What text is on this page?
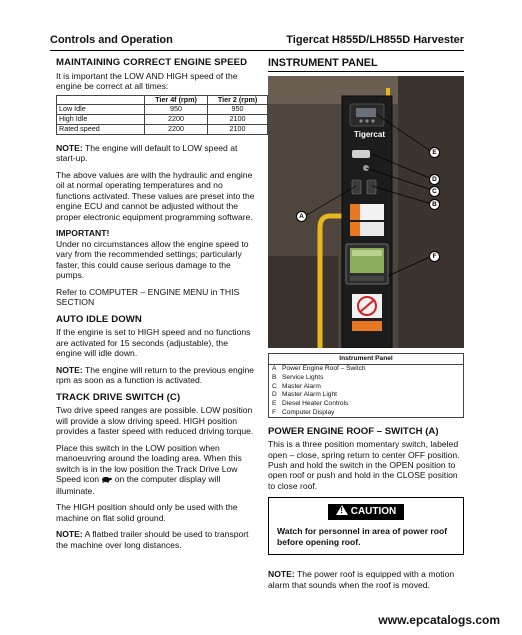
Controls and Operation	Tigercat H855D/LH855D Harvester
MAINTAINING CORRECT ENGINE SPEED

It is important the LOW AND HIGH speed of the engine be correct at all times:

	Tier 4f (rpm)	Tier 2 (rpm)
Low Idle	950	950
High Idle	2200	2100
Rated speed	2200	2100

NOTE: The engine will default to LOW speed at start-up.

The above values are with the hydraulic and engine oil at normal operating temperatures and no functions activated. These values are preset into the engine ECU and cannot be adjusted without the proper electronic equipment programming software.

IMPORTANT!

Under no circumstances allow the engine speed to vary from the recommended settings; particularly faster, this could cause serious damage to the pumps.

Refer to COMPUTER – ENGINE MENU in THIS SECTION

AUTO IDLE DOWN

If the engine is set to HIGH speed and no functions are activated for 15 seconds (adjustable), the engine will idle down.

NOTE: The engine will return to the previous engine rpm as soon as a function is activated.

TRACK DRIVE SWITCH (C)

Two drive speed ranges are possible. LOW position will provide a slow driving speed. HIGH position provides a faster speed with reduced driving torque.

Place this switch in the LOW position when manoeuvring around the loading area. When this switch is in the low position the Track Drive Low Speed icon  on the computer display will illuminate.

The HIGH position should only be used with the machine on flat solid ground.

NOTE: A flatbed trailer should be used to transport the machine over long distances.

INSTRUMENT PANEL
Tigercat
E
D
C
B
A
F
Instrument Panel
A Power Engine Roof – Switch
B Service Lights
C Master Alarm
D Master Alarm Light
E Diesel Heater Controls
F Computer Display
POWER ENGINE ROOF – SWITCH (A)

This is a three position momentary switch, labeled open – close, spring return to center OFF position. Push and hold the switch in the OPEN position to open roof or push and hold in the CLOSE position to close roof.

! CAUTION
Watch for personnel in area of power roof before opening roof.

NOTE: The power roof is equipped with a motion alarm that sounds when the roof is moved.

www.epcatalogs.com
